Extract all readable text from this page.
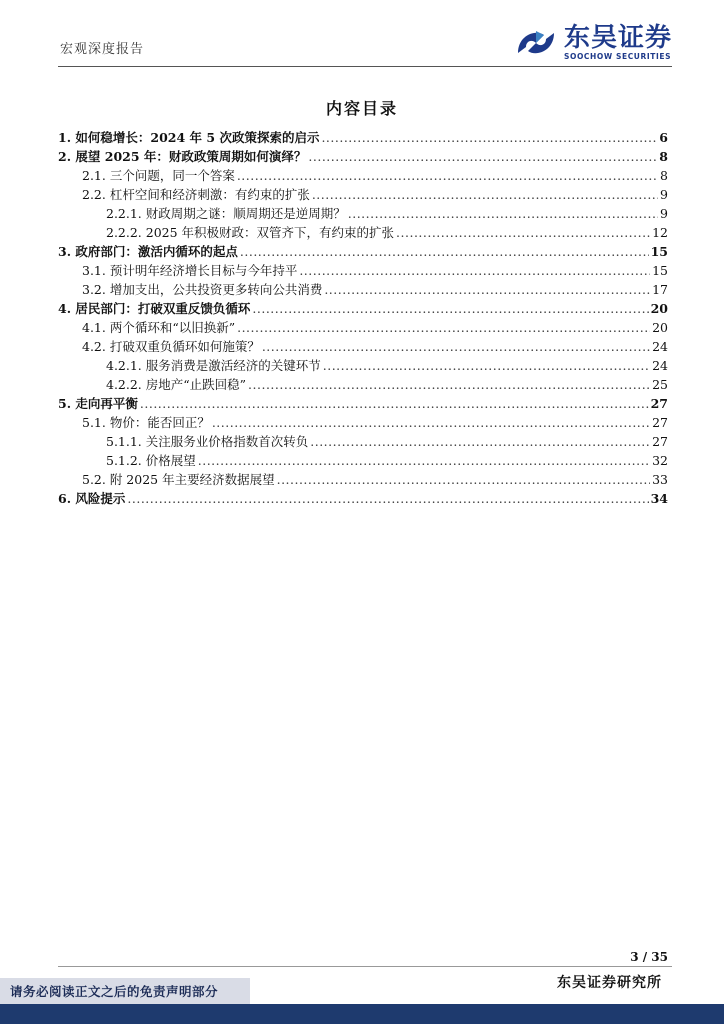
宏观深度报告	东吴证券
SOOCHOW SECURITIES
内容目录
1. 如何稳增长：2024 年 5 次政策探索的启示 .....	6
2. 展望 2025 年：财政政策周期如何演绎？ .....	8
2.1. 三个问题，同一个答案 .....	8
2.2. 杠杆空间和经济刺激：有约束的扩张 .....	9
2.2.1. 财政周期之谜：顺周期还是逆周期？ .....	9
2.2.2. 2025 年积极财政：双管齐下，有约束的扩张 .....	12
3. 政府部门：激活内循环的起点 .....	15
3.1. 预计明年经济增长目标与今年持平 .....	15
3.2. 增加支出，公共投资更多转向公共消费 .....	17
4. 居民部门：打破双重反馈负循环 .....	20
4.1. 两个循环和“以旧换新” .....	20
4.2. 打破双重负循环如何施策？ .....	24
4.2.1. 服务消费是激活经济的关键环节 .....	24
4.2.2. 房地产“止跌回稳” .....	25
5. 走向再平衡 .....	27
5.1. 物价：能否回正？ .....	27
5.1.1. 关注服务业价格指数首次转负 .....	27
5.1.2. 价格展望 .....	32
5.2. 附 2025 年主要经济数据展望 .....	33
6. 风险提示 .....	34
3 / 35
东吴证券研究所
请务必阅读正文之后的免责声明部分
